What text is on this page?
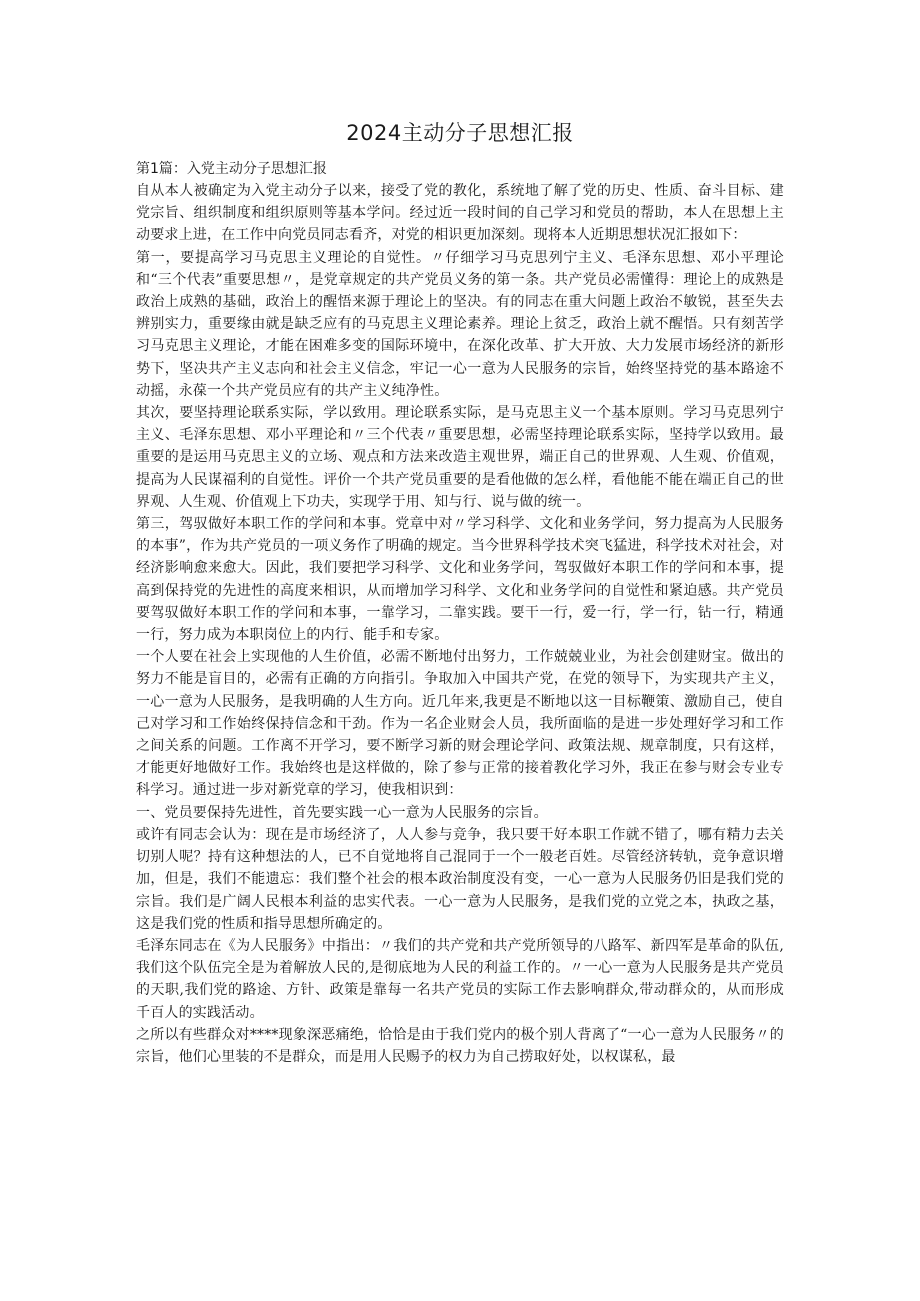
2024主动分子思想汇报

第1篇：入党主动分子思想汇报

自从本人被确定为入党主动分子以来，接受了党的教化，系统地了解了党的历史、性质、奋斗目标、建党宗旨、组织制度和组织原则等基本学问。经过近一段时间的自己学习和党员的帮助，本人在思想上主动要求上进，在工作中向党员同志看齐，对党的相识更加深刻。现将本人近期思想状况汇报如下：

第一，要提高学习马克思主义理论的自觉性。〃仔细学习马克思列宁主义、毛泽东思想、邓小平理论和“三个代表”重要思想〃，是党章规定的共产党员义务的第一条。共产党员必需懂得：理论上的成熟是政治上成熟的基础，政治上的醒悟来源于理论上的坚决。有的同志在重大问题上政治不敏锐，甚至失去辨别实力，重要缘由就是缺乏应有的马克思主义理论素养。理论上贫乏，政治上就不醒悟。只有刻苦学习马克思主义理论，才能在困难多变的国际环境中，在深化改革、扩大开放、大力发展市场经济的新形势下，坚决共产主义志向和社会主义信念，牢记一心一意为人民服务的宗旨，始终坚持党的基本路途不动摇，永葆一个共产党员应有的共产主义纯净性。

其次，要坚持理论联系实际，学以致用。理论联系实际，是马克思主义一个基本原则。学习马克思列宁主义、毛泽东思想、邓小平理论和〃三个代表〃重要思想，必需坚持理论联系实际，坚持学以致用。最重要的是运用马克思主义的立场、观点和方法来改造主观世界，端正自己的世界观、人生观、价值观，提高为人民谋福利的自觉性。评价一个共产党员重要的是看他做的怎么样，看他能不能在端正自己的世界观、人生观、价值观上下功夫，实现学于用、知与行、说与做的统一。

第三，驾驭做好本职工作的学问和本事。党章中对〃学习科学、文化和业务学问，努力提高为人民服务的本事”，作为共产党员的一项义务作了明确的规定。当今世界科学技术突飞猛进，科学技术对社会，对经济影响愈来愈大。因此，我们要把学习科学、文化和业务学问，驾驭做好本职工作的学问和本事，提高到保持党的先进性的高度来相识，从而增加学习科学、文化和业务学问的自觉性和紧迫感。共产党员要驾驭做好本职工作的学问和本事，一靠学习，二靠实践。要干一行，爱一行，学一行，钻一行，精通一行，努力成为本职岗位上的内行、能手和专家。

一个人要在社会上实现他的人生价值，必需不断地付出努力，工作兢兢业业，为社会创建财宝。做出的努力不能是盲目的，必需有正确的方向指引。争取加入中国共产党，在党的领导下，为实现共产主义，一心一意为人民服务，是我明确的人生方向。近几年来,我更是不断地以这一目标鞭策、激励自己，使自己对学习和工作始终保持信念和干劲。作为一名企业财会人员，我所面临的是进一步处理好学习和工作之间关系的问题。工作离不开学习，要不断学习新的财会理论学问、政策法规、规章制度，只有这样，才能更好地做好工作。我始终也是这样做的，除了参与正常的接着教化学习外，我正在参与财会专业专科学习。通过进一步对新党章的学习，使我相识到：

一、党员要保持先进性，首先要实践一心一意为人民服务的宗旨。

或许有同志会认为：现在是市场经济了，人人参与竞争，我只要干好本职工作就不错了，哪有精力去关切别人呢？持有这种想法的人，已不自觉地将自己混同于一个一般老百姓。尽管经济转轨，竞争意识增加，但是，我们不能遗忘：我们整个社会的根本政治制度没有变，一心一意为人民服务仍旧是我们党的宗旨。我们是广阔人民根本利益的忠实代表。一心一意为人民服务，是我们党的立党之本，执政之基，这是我们党的性质和指导思想所确定的。

毛泽东同志在《为人民服务》中指出：〃我们的共产党和共产党所领导的八路军、新四军是革命的队伍,我们这个队伍完全是为着解放人民的,是彻底地为人民的利益工作的。〃一心一意为人民服务是共产党员的天职,我们党的路途、方针、政策是靠每一名共产党员的实际工作去影响群众,带动群众的，从而形成千百人的实践活动。

之所以有些群众对****现象深恶痛绝，恰恰是由于我们党内的极个别人背离了“一心一意为人民服务〃的宗旨，他们心里装的不是群众，而是用人民赐予的权力为自己捞取好处，以权谋私，最
